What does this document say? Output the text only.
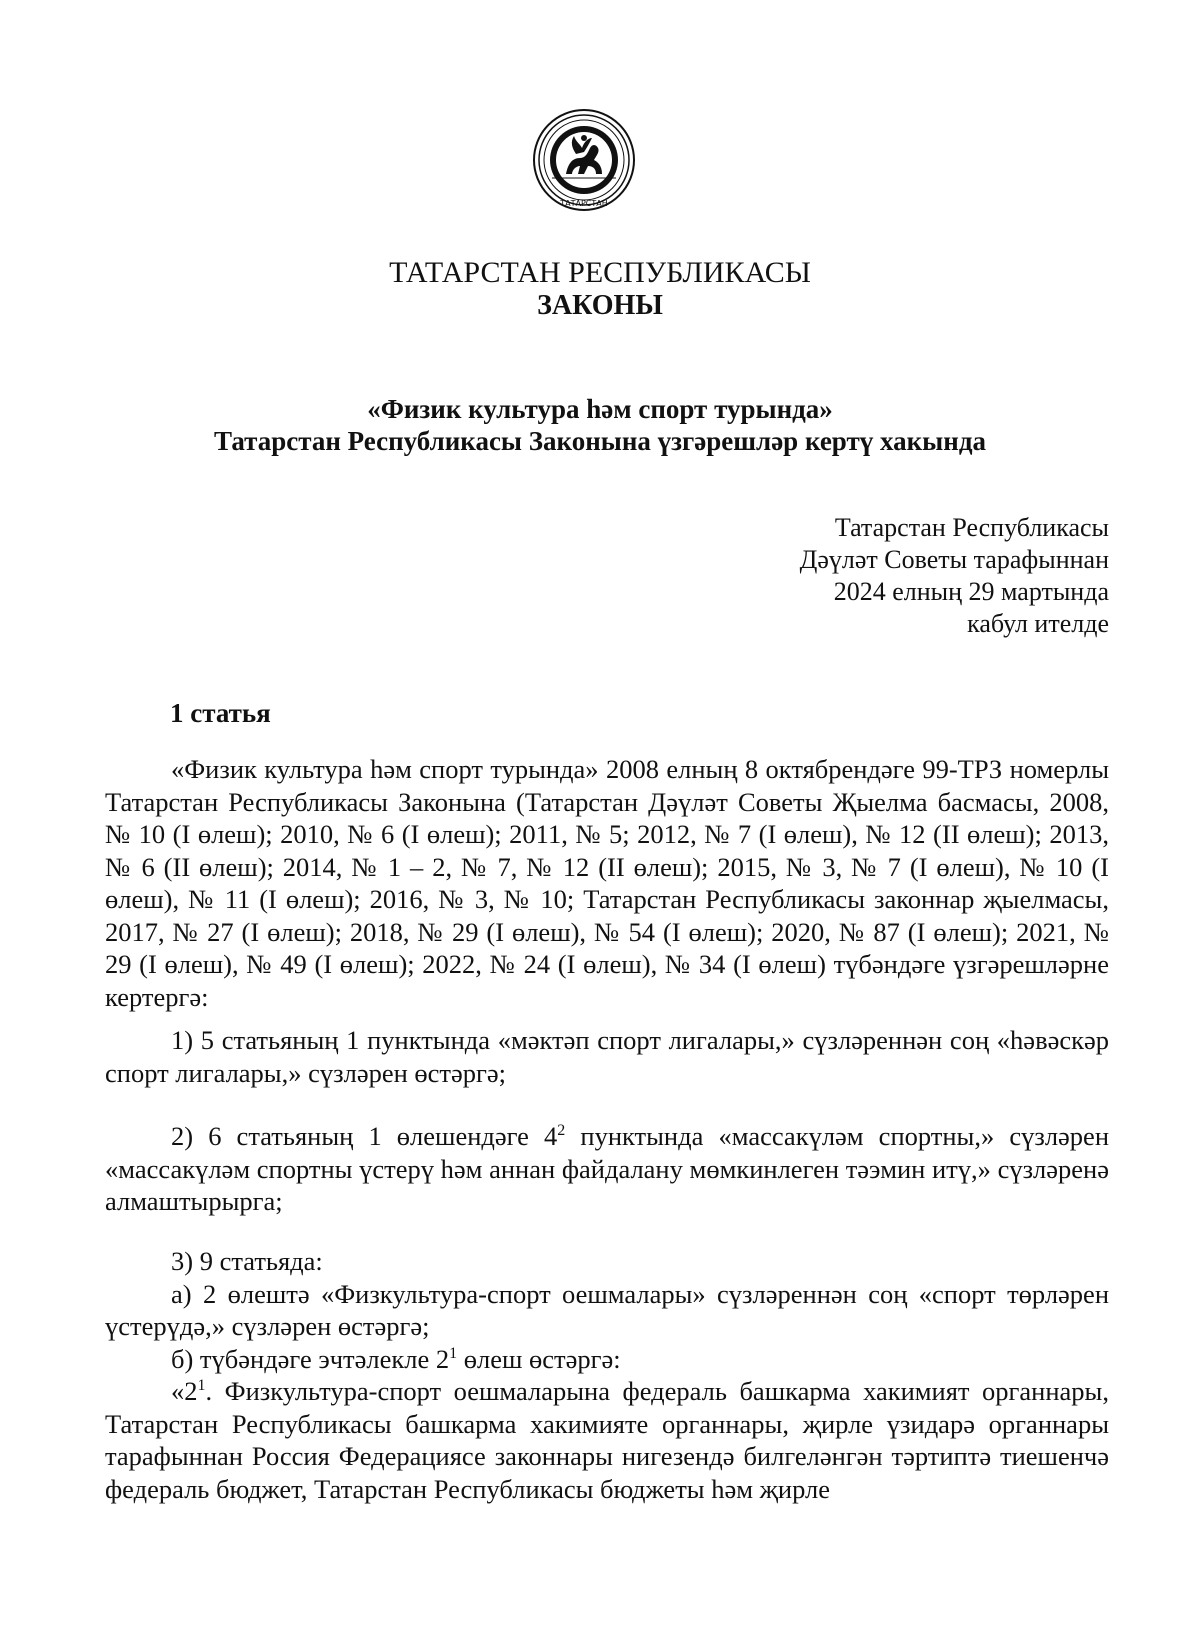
ТАТАРСТАН
ТАТАРСТАН РЕСПУБЛИКАСЫ
ЗАКОНЫ
«Физик культура һәм спорт турында»
Татарстан Республикасы Законына үзгәрешләр кертү хакында
Татарстан Республикасы
Дәүләт Советы тарафыннан
2024 елның 29 мартында
кабул ителде
1 статья
«Физик культура һәм спорт турында» 2008 елның 8 октябрендәге 99-ТРЗ номерлы Татарстан Республикасы Законына (Татарстан Дәүләт Советы Җыелма басмасы, 2008, № 10 (I өлеш); 2010, № 6 (I өлеш); 2011, № 5; 2012, № 7 (I өлеш), № 12 (II өлеш); 2013, № 6 (II өлеш); 2014, № 1 – 2, № 7, № 12 (II өлеш); 2015, № 3, № 7 (I өлеш), № 10 (I өлеш), № 11 (I өлеш); 2016, № 3, № 10; Татарстан Республикасы законнар җыелмасы, 2017, № 27 (I өлеш); 2018, № 29 (I өлеш), № 54 (I өлеш); 2020, № 87 (I өлеш); 2021, № 29 (I өлеш), № 49 (I өлеш); 2022, № 24 (I өлеш), № 34 (I өлеш) түбәндәге үзгәрешләрне кертергә:
1) 5 статьяның 1 пунктында «мәктәп спорт лигалары,» сүзләреннән соң «һәвәскәр спорт лигалары,» сүзләрен өстәргә;
2) 6 статьяның 1 өлешендәге $4^2$ пунктында «массакүләм спортны,» сүзләрен «массакүләм спортны үстерү һәм аннан файдалану мөмкинлеген тәэмин итү,» сүзләренә алмаштырырга;
3) 9 статьяда:
а) 2 өлештә «Физкультура-спорт оешмалары» сүзләреннән соң «спорт төрләрен үстерүдә,» сүзләрен өстәргә;
б) түбәндәге эчтәлекле $2^1$ өлеш өстәргә:
«$2^1$. Физкультура-спорт оешмаларына федераль башкарма хакимият органнары, Татарстан Республикасы башкарма хакимияте органнары, җирле үзидарә органнары тарафыннан Россия Федерациясе законнары нигезендә билгеләнгән тәртиптә тиешенчә федераль бюджет, Татарстан Республикасы бюджеты һәм җирле
